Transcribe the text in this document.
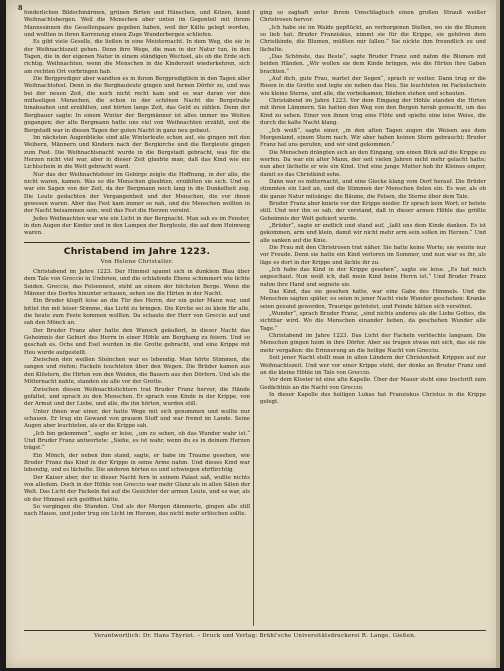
8

fonderlichen Bildschmärmen, grünen Birten und Hänschen, und Kitzen, kund Weihnachtsbergen. Weil die Menschen aber unten im Gegenteil mit ihrem Mannssinnen die Gesellenpaare gegeben haben, weil der Kälte gelegt worden, und wollten in ihren Karrenzug einen Zuge Wunderbergen schliefen.

Es gibt viele Geselle, die ließen in eine Meisternacht. In dem Weg, die sie in der Weihnachtszeit gehen. Denn ihre Wege, die man in der Natur tun, in den Tagen, die in der eigenen Natur in einem ständigen Wechsel, als ob die Erde sich richtig. Weihnachten, wenn die Menschen in die Kinderzeit wiederkehren, sich am rechten Ort vorbringen hab.

Die Bergprediger aber wandten es in ihrem Bergpredigtlein in den Tagen aller Weihnachtsfest. Denn in die Bergbauleute gingen und fernen Dörfer zu, und was bei der neuen Zeit, die noch nicht recht kam und es war daran vor den mühseligen Menschen, die schon in der schönen Nacht die Bergstraße hinabsahen und erzählten, und hörten lange Zeit, das Geld zu zählen. Denn der Bergbauer sagte: In einem Winter der Bergmänner ist alles immer ins Weiten gegangen; der alte Bergmann hatte uns viel von Weihnachten erzählt, und die Bergstadt war in diesen Tagen der guten Nacht in ganz neu gebaut.

Im nächsten Augenblicke sind alle Winterleute schon auf, sie gingen mit den Weibern, Männern und Kindern nach der Bergkirche und die Bergleute gingen zum Fest. Die Weihnachtsnacht wurde in die Bergstadt gebracht, was für die Herzen nicht viel war, aber in dieser Zeit glaubte man, daß das Kind wie ein Lichtschein in die Welt gebracht ward.

Nur das der Weihnachtsfeier im Gebirge zeigte die Hoffnung, in der alle, die nicht waren, kamen. Was so die Menschen glaubten, erzählten sie sich. Und es war ein Sagen von der Zeit, da der Bergmann noch lang in die Dunkelheit zog. Die Leute gedachten der Vergangenheit und der Menschen, die vor ihnen gewesen waren. Aber das Fest kam immer so nah, und die Menschen wollten in der Nacht beisammen sein, weil das Fest die Herzen vereint.

Jedes Weihnachten war wie ein Licht in der Bergnacht. Man sah es im Fenster, in den Augen der Kinder und in den Lampen der Bergleute, die auf dem Heimweg waren.

Christabend im Jahre 1223.
Von Helene Christaller.

Christabend im Jahre 1223. Der Himmel spannt sich in dunklem Blau über dem Tale von Greccio in Umbrien, und die schlafende Ebene schimmert wie lichte Seiden. Greccio, das Felsennest, steht an einem der höchsten Berge. Wenn die Männer des Dorfes hinunter schauen, sehen sie die Hirten in der Nacht.

Ein Bruder klopft leise an die Tür des Herrn, der ein guter Mann war, und bittet ihn mit leiser Stimme, das Licht zu bringen. Die Kirche sei zu klein für alle, die heute zum Feste kommen wollten. Da schaute der Herr von Greccio auf und sah den Mönch an.

Der Bruder Franz aber hatte den Wunsch geäußert, in dieser Nacht das Geheimnis der Geburt des Herrn in einer Höhle am Berghang zu feiern. Und so geschah es. Ochs und Esel wurden in die Grotte gebracht, und eine Krippe mit Heu wurde aufgestellt.

Zwischen den weißen Steinchen war es lebendig. Man hörte Stimmen, die sangen und riefen; Fackeln leuchteten über den Wegen. Die Brüder kamen aus den Klöstern, die Hirten von den Weiden, die Bauern aus den Dörfern. Und als die Mitternacht nahte, standen sie alle vor der Grotte.

Zwischen diesen Weihnachtslichtern trat Bruder Franz hervor, die Hände gefaltet, und sprach zu den Menschen. Er sprach vom Kinde in der Krippe, von der Armut und der Liebe, und alle, die ihn hörten, wurden still.

Unter ihnen war einer, der hatte Wege mit sich genommen und wollte nur schauen. Er trug ein Gewand von grauem Stoff und war fremd im Lande. Seine Augen aber leuchteten, als er die Krippe sah.

„Ich bin gekommen“, sagte er leise, „um zu sehen, ob das Wunder wahr ist.“ Und Bruder Franz antwortete: „Siehe, es ist wahr, wenn du es in deinem Herzen trägst.“

Ein Mönch, der neben ihm stand, sagte, er habe im Traume gesehen, wie Bruder Franz das Kind in der Krippe in seine Arme nahm. Und dieses Kind war lebendig, und es lächelte. Die anderen hörten es und schwiegen ehrfürchtig.

Der Kaiser aber, der in dieser Nacht fern in seinem Palast saß, wußte nichts von alledem. Doch in der Höhle von Greccio war mehr Glanz als in allen Sälen der Welt. Das Licht der Fackeln fiel auf die Gesichter der armen Leute, und es war, als ob der Himmel sich geöffnet hätte.

So vergingen die Stunden. Und als der Morgen dämmerte, gingen alle still nach Hause, und jeder trug ein Licht im Herzen, das nicht mehr erlöschen sollte.

ging so zaghaft unter ihrem Umschlagtuch einen großen Strauß weißer Christrosen hervor.

„Ich habe sie im Walde gepflückt, an verborgenen Stellen, wo sie die Blumen so lieb hat. Bruder Franziskus, nimmt sie für die Krippe, sie gehören dem Christkinde, die Blumen, müßten mir fallen.“ Sie nickte ihm freundlich zu und lächelte.

„Das Schönste, das Beste“, sagte Bruder Franz und nahm die Blumen mit beiden Händen. „Wir wollen sie dem Kinde bringen, wie die Hirten ihre Gaben brachten.“

„Auf dich, gute Frau, wartet der Segen“, sprach er weiter. Dann trug er die Rosen in die Grotte und legte sie neben das Heu. Sie leuchteten im Fackelschein wie kleine Sterne, und alle, die vorbeikamen, blieben stehen und schauten.

Christabend im Jahre 1223. Vor dem Eingang der Höhle standen die Hirten mit ihren Lämmern. Sie hatten den Weg von den Bergen herab gemacht, um das Kind zu sehen. Einer von ihnen trug eine Flöte und spielte eine leise Weise, die durch die kalte Nacht klang.

„Ich weiß“, sagte einer, „in den alten Tagen zogen die Weisen aus dem Morgenland, einem Stern nach. Wir aber haben keinen Stern gebraucht; Bruder Franz hat uns gerufen, und wir sind gekommen.“

Die Menschen drängten sich an den Eingang, um einen Blick auf die Krippe zu werfen. Da war ein alter Mann, der seit vielen Jahren nicht mehr gelacht hatte; nun aber lächelte er wie ein Kind. Und eine junge Mutter hob ihr Kleines empor, damit es das Christkind sehe.

Dann war es mitternacht, und eine Glocke klang vom Dorf herauf. Die Brüder stimmten ein Lied an, und die Stimmen der Menschen fielen ein. Es war, als ob die ganze Natur mitsänge: die Bäume, die Felsen, die Sterne über dem Tale.

Bruder Franz aber kniete vor der Krippe nieder. Er sprach kein Wort; er betete still. Und wer ihn so sah, der verstand, daß in dieser armen Höhle das größte Geheimnis der Welt gefeiert wurde.

„Brüder“, sagte er endlich und stand auf, „laßt uns dem Kinde danken. Es ist gekommen, arm und klein, damit wir nicht mehr arm sein sollen im Herzen.“ Und alle sanken auf die Knie.

Die Frau mit den Christrosen trat näher. Sie hatte keine Worte; sie weinte nur vor Freude. Denn sie hatte ein Kind verloren im Sommer, und nun war es ihr, als läge es dort in der Krippe und lächle ihr zu.

„Ich habe das Kind in der Krippe gesehen“, sagte sie leise. „Es hat mich angeschaut. Nun weiß ich, daß mein Kind beim Herrn ist.“ Und Bruder Franz nahm ihre Hand und segnete sie.

Das Kind, das sie gesehen hatte, war eine Gabe des Himmels. Und die Menschen sagten später, es seien in jener Nacht viele Wunder geschehen: Kranke seien gesund geworden, Traurige getröstet, und Feinde hätten sich versöhnt.

„Wunder“, sprach Bruder Franz, „sind nichts anderes als die Liebe Gottes, die sichtbar wird. Wo die Menschen einander lieben, da geschehen Wunder alle Tage.“

Christabend im Jahre 1223. Das Licht der Fackeln verlöschte langsam. Die Menschen gingen heim in ihre Dörfer. Aber sie trugen etwas mit sich, das sie nie mehr vergaßen: die Erinnerung an die heilige Nacht von Greccio.

Seit jener Nacht stellt man in allen Ländern der Christenheit Krippen auf zur Weihnachtszeit. Und wer vor einer Krippe steht, der denke an Bruder Franz und an die kleine Höhle im Tale von Greccio.

Vor dem Kloster ist eine alte Kapelle. Über der Mauer steht eine Inschrift zum Gedächtnis an die Nacht von Greccio.

In dieser Kapelle des heiligen Lukas hat Franziskus Christus in die Krippe gelegt.

Verantwortlich: Dr. Hans Thyriot. – Druck und Verlag: Brühl'sche Universitätsdruckerei R. Lange, Gießen.
